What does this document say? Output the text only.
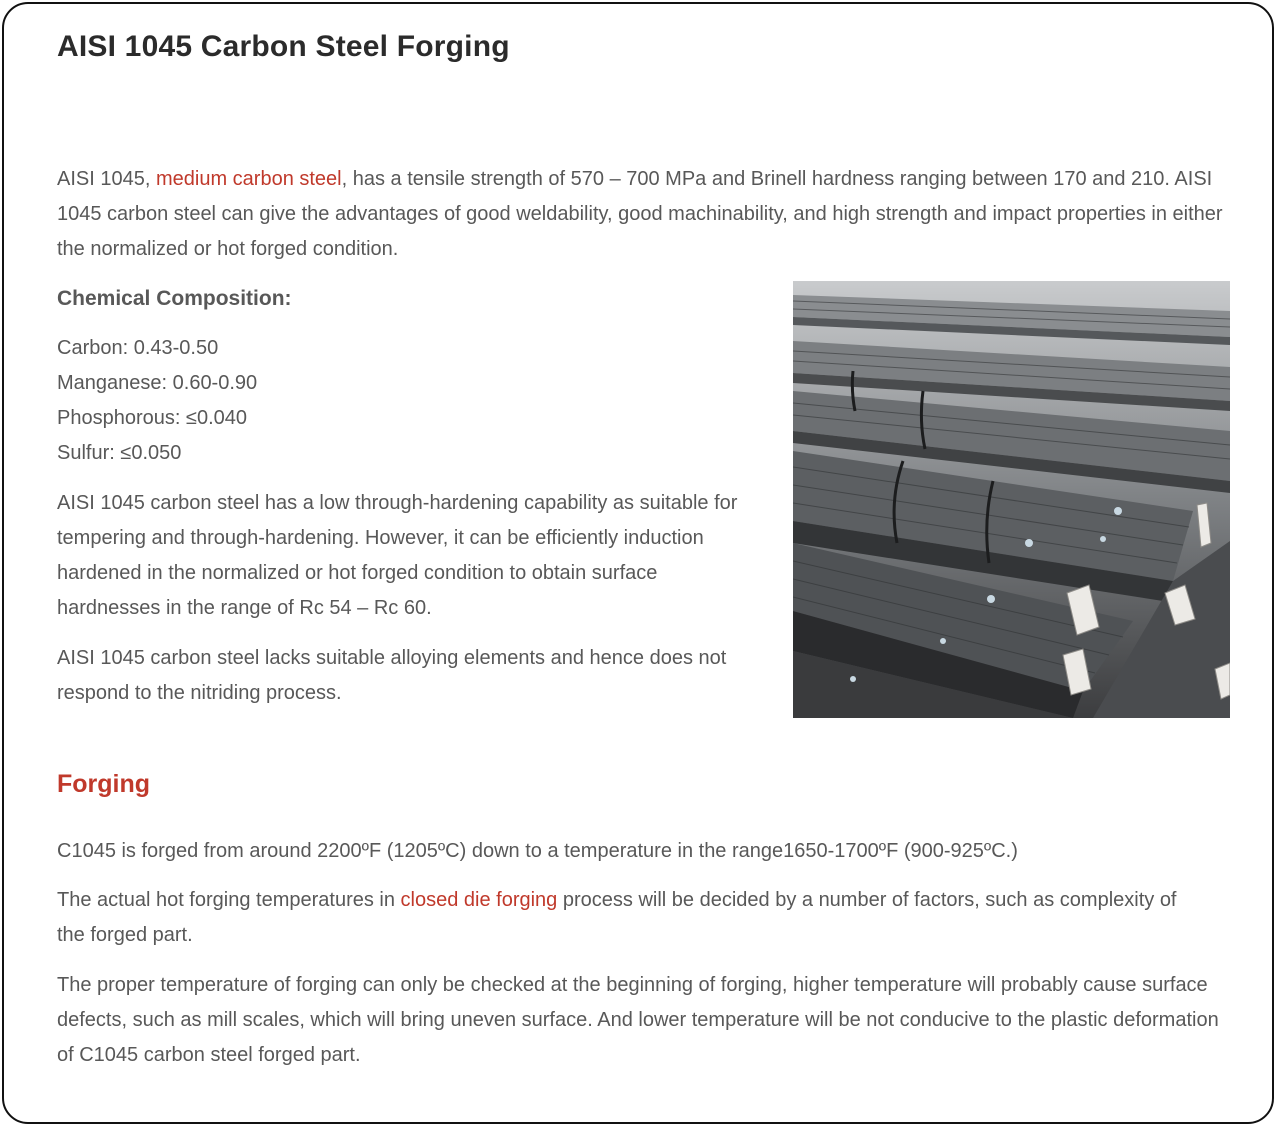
AISI 1045 Carbon Steel Forging

AISI 1045, medium carbon steel, has a tensile strength of 570 – 700 MPa and Brinell hardness ranging between 170 and 210. AISI 1045 carbon steel can give the advantages of good weldability, good machinability, and high strength and impact properties in either the normalized or hot forged condition.

Chemical Composition:
Carbon: 0.43-0.50
Manganese: 0.60-0.90
Phosphorous: ≤0.040
Sulfur: ≤0.050

AISI 1045 carbon steel has a low through-hardening capability as suitable for tempering and through-hardening. However, it can be efficiently induction hardened in the normalized or hot forged condition to obtain surface hardnesses in the range of Rc 54 – Rc 60.

AISI 1045 carbon steel lacks suitable alloying elements and hence does not respond to the nitriding process.

Forging

C1045 is forged from around 2200ºF (1205ºC) down to a temperature in the range1650-1700ºF (900-925ºC.)

The actual hot forging temperatures in closed die forging process will be decided by a number of factors, such as complexity of the forged part.

The proper temperature of forging can only be checked at the beginning of forging, higher temperature will probably cause surface defects, such as mill scales, which will bring uneven surface. And lower temperature will be not conducive to the plastic deformation of C1045 carbon steel forged part.
